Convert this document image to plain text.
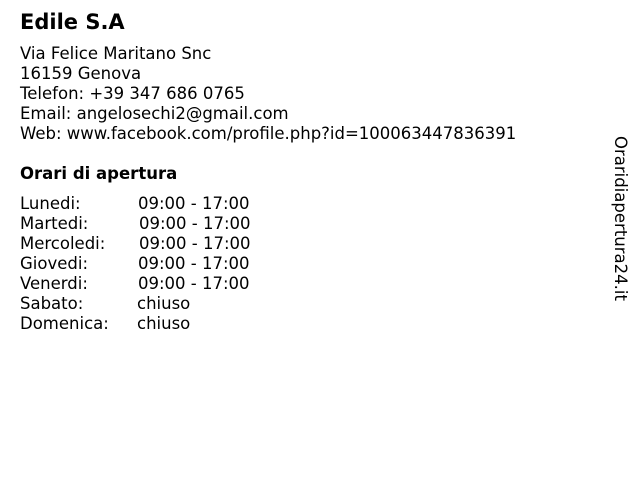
Edile S.A
Via Felice Maritano Snc
16159 Genova
Telefon: +39 347 686 0765
Email: angelosechi2@gmail.com
Web: www.facebook.com/profile.php?id=100063447836391
Orari di apertura
Lunedi:	09:00 - 17:00
Martedi:	09:00 - 17:00
Mercoledi: 09:00 - 17:00
Giovedi:	09:00 - 17:00
Venerdi:	09:00 - 17:00
Sabato:	chiuso
Domenica: chiuso
Oraridiapertura24.it
